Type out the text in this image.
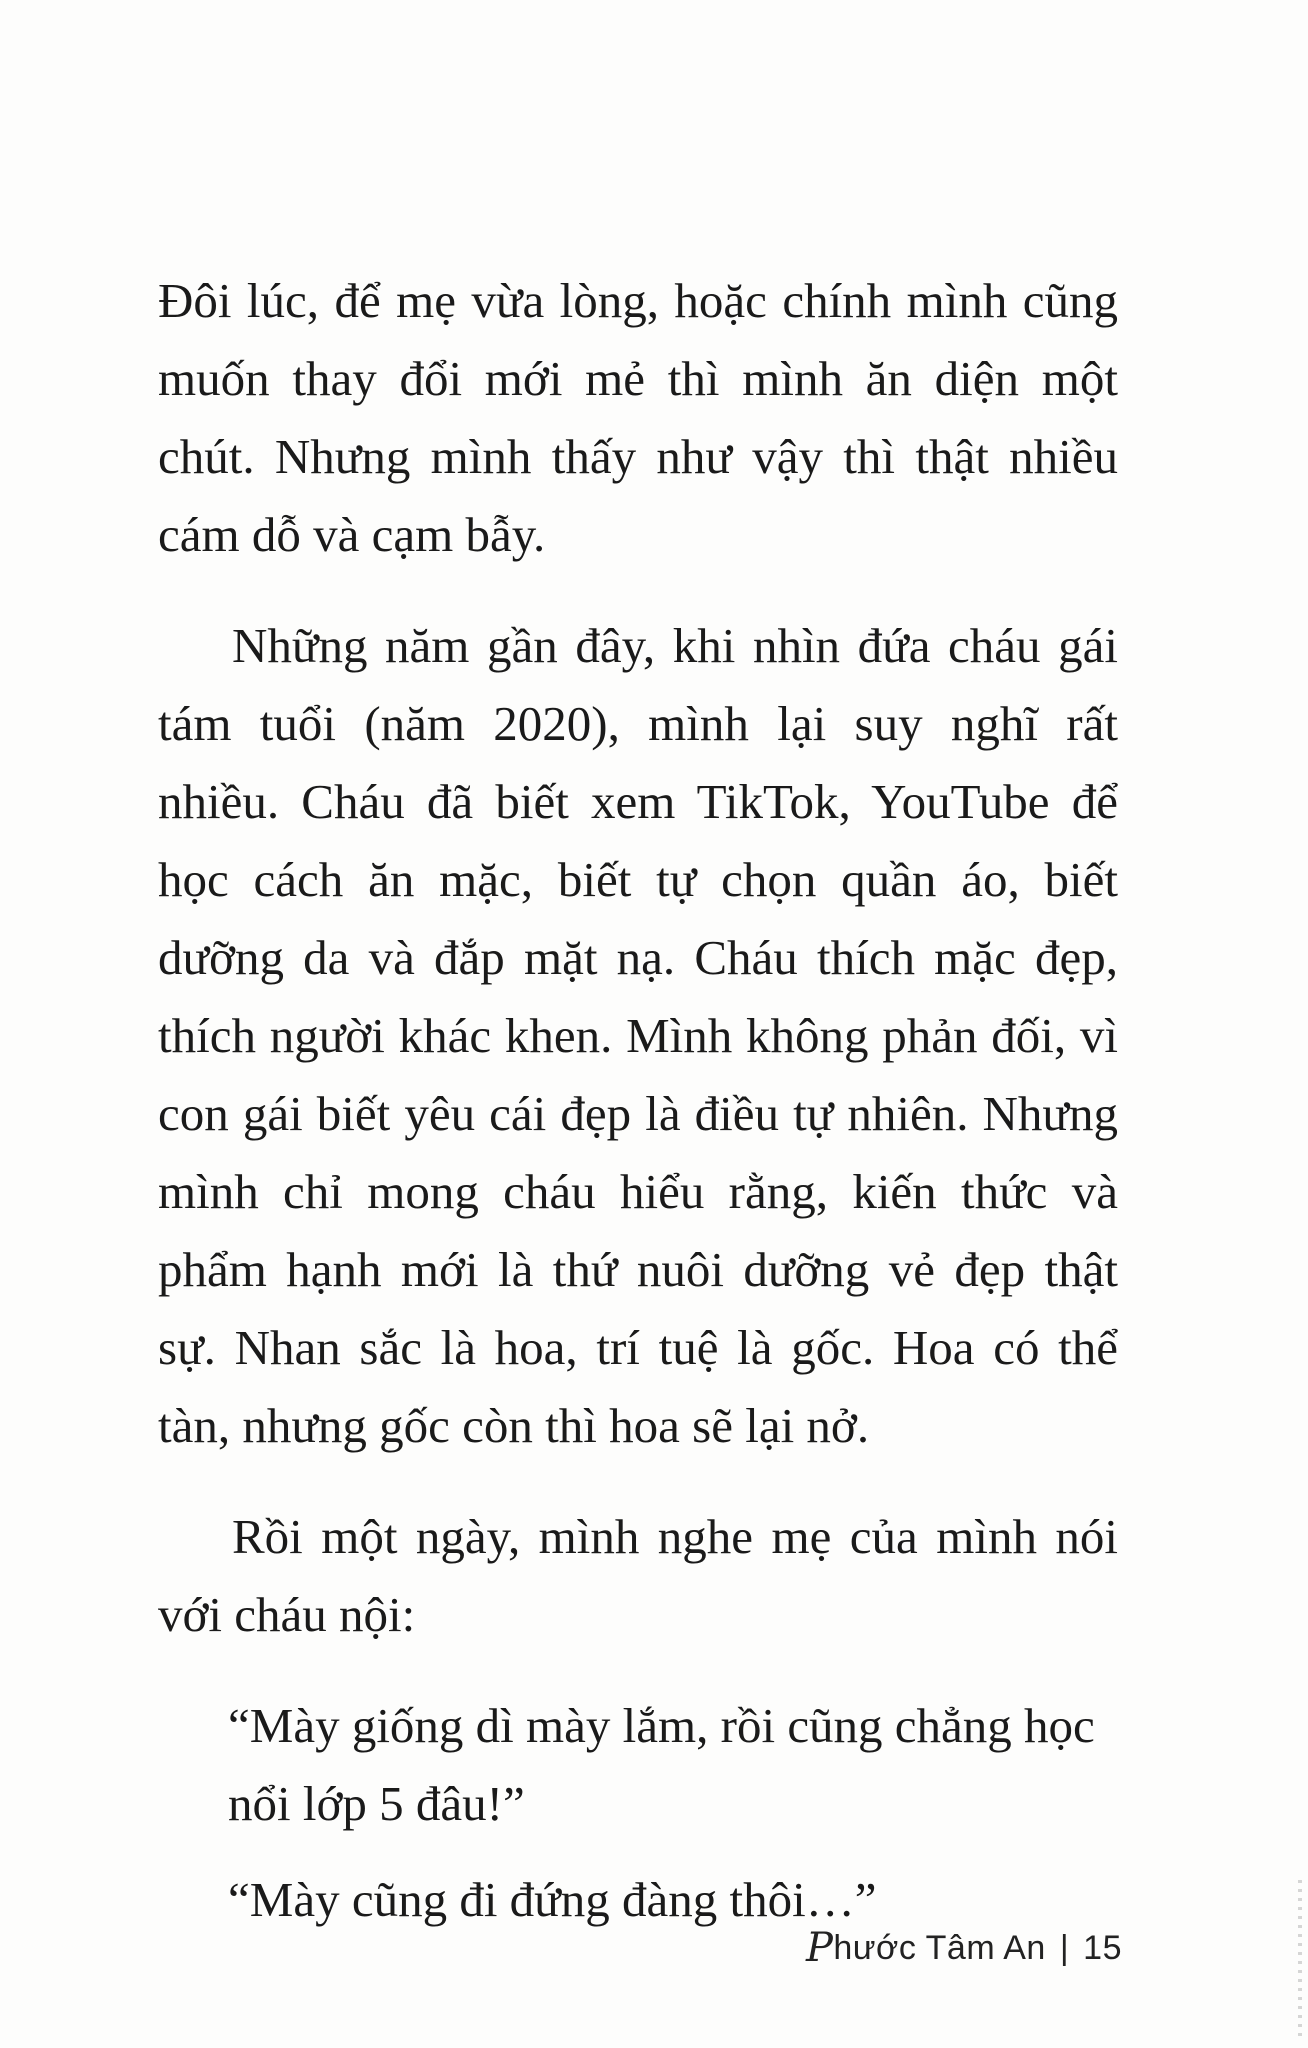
Đôi lúc, để mẹ vừa lòng, hoặc chính mình cũng muốn thay đổi mới mẻ thì mình ăn diện một chút. Nhưng mình thấy như vậy thì thật nhiều cám dỗ và cạm bẫy.

Những năm gần đây, khi nhìn đứa cháu gái tám tuổi (năm 2020), mình lại suy nghĩ rất nhiều. Cháu đã biết xem TikTok, YouTube để học cách ăn mặc, biết tự chọn quần áo, biết dưỡng da và đắp mặt nạ. Cháu thích mặc đẹp, thích người khác khen. Mình không phản đối, vì con gái biết yêu cái đẹp là điều tự nhiên. Nhưng mình chỉ mong cháu hiểu rằng, kiến thức và phẩm hạnh mới là thứ nuôi dưỡng vẻ đẹp thật sự. Nhan sắc là hoa, trí tuệ là gốc. Hoa có thể tàn, nhưng gốc còn thì hoa sẽ lại nở.

Rồi một ngày, mình nghe mẹ của mình nói với cháu nội:

“Mày giống dì mày lắm, rồi cũng chẳng học nổi lớp 5 đâu!”

“Mày cũng đi đứng đàng thôi…”

P hước Tâm An | 15
